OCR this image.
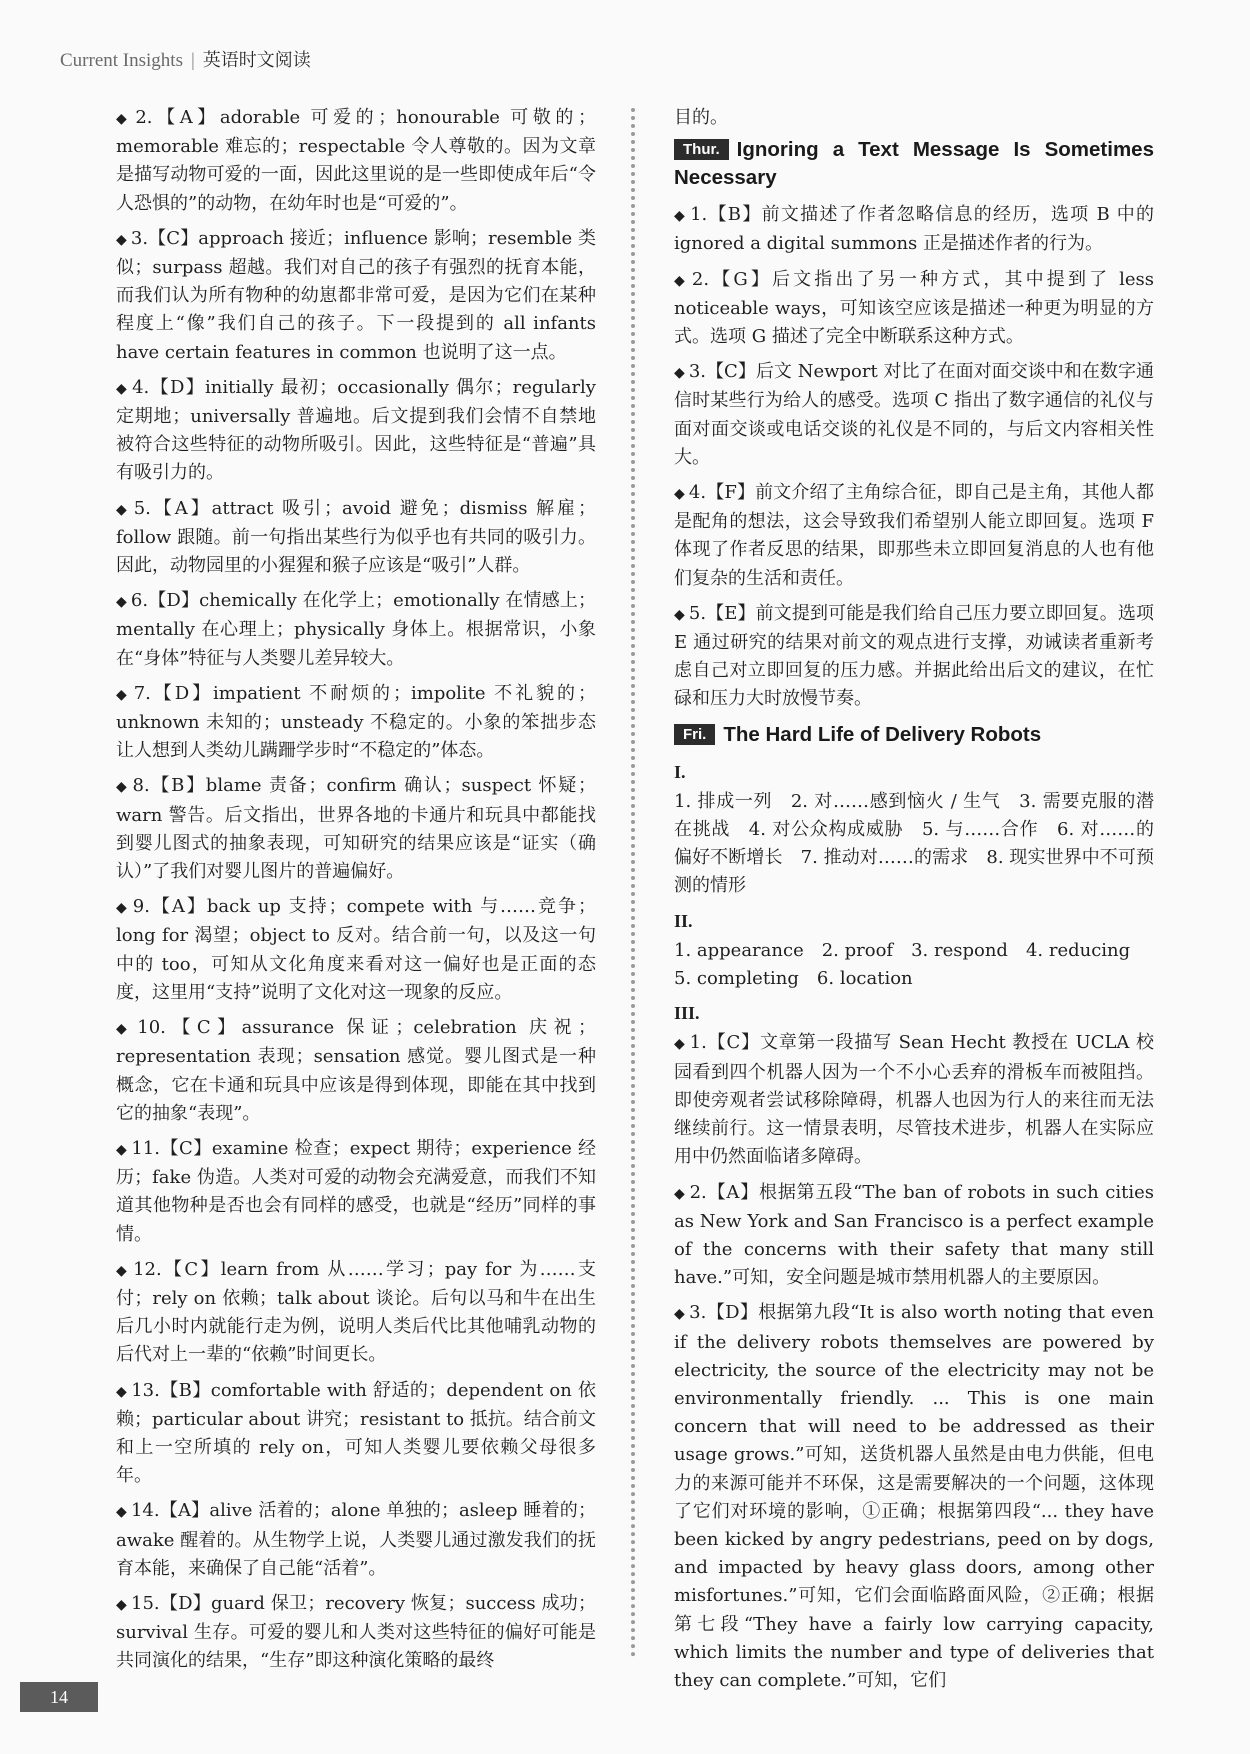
Current Insights | 英语时文阅读

◆ 2.【A】adorable 可爱的；honourable 可敬的；memorable 难忘的；respectable 令人尊敬的。因为文章是描写动物可爱的一面，因此这里说的是一些即使成年后“令人恐惧的”的动物，在幼年时也是“可爱的”。

◆ 3.【C】approach 接近；influence 影响；resemble 类似；surpass 超越。我们对自己的孩子有强烈的抚育本能，而我们认为所有物种的幼崽都非常可爱，是因为它们在某种程度上“像”我们自己的孩子。下一段提到的 all infants have certain features in common 也说明了这一点。

◆ 4.【D】initially 最初；occasionally 偶尔；regularly 定期地；universally 普遍地。后文提到我们会情不自禁地被符合这些特征的动物所吸引。因此，这些特征是“普遍”具有吸引力的。

◆ 5.【A】attract 吸引；avoid 避免；dismiss 解雇；follow 跟随。前一句指出某些行为似乎也有共同的吸引力。因此，动物园里的小猩猩和猴子应该是“吸引”人群。

◆ 6.【D】chemically 在化学上；emotionally 在情感上；mentally 在心理上；physically 身体上。根据常识，小象在“身体”特征与人类婴儿差异较大。

◆ 7.【D】impatient 不耐烦的；impolite 不礼貌的；unknown 未知的；unsteady 不稳定的。小象的笨拙步态让人想到人类幼儿蹒跚学步时“不稳定的”体态。

◆ 8.【B】blame 责备；confirm 确认；suspect 怀疑；warn 警告。后文指出，世界各地的卡通片和玩具中都能找到婴儿图式的抽象表现，可知研究的结果应该是“证实（确认）”了我们对婴儿图片的普遍偏好。

◆ 9.【A】back up 支持；compete with 与……竞争；long for 渴望；object to 反对。结合前一句，以及这一句中的 too，可知从文化角度来看对这一偏好也是正面的态度，这里用“支持”说明了文化对这一现象的反应。

◆ 10.【C】assurance 保证；celebration 庆祝；representation 表现；sensation 感觉。婴儿图式是一种概念，它在卡通和玩具中应该是得到体现，即能在其中找到它的抽象“表现”。

◆ 11.【C】examine 检查；expect 期待；experience 经历；fake 伪造。人类对可爱的动物会充满爱意，而我们不知道其他物种是否也会有同样的感受，也就是“经历”同样的事情。

◆ 12.【C】learn from 从……学习；pay for 为……支付；rely on 依赖；talk about 谈论。后句以马和牛在出生后几小时内就能行走为例，说明人类后代比其他哺乳动物的后代对上一辈的“依赖”时间更长。

◆ 13.【B】comfortable with 舒适的；dependent on 依赖；particular about 讲究；resistant to 抵抗。结合前文和上一空所填的 rely on，可知人类婴儿要依赖父母很多年。

◆ 14.【A】alive 活着的；alone 单独的；asleep 睡着的；awake 醒着的。从生物学上说，人类婴儿通过激发我们的抚育本能，来确保了自己能“活着”。

◆ 15.【D】guard 保卫；recovery 恢复；success 成功；survival 生存。可爱的婴儿和人类对这些特征的偏好可能是共同演化的结果，“生存”即这种演化策略的最终

目的。

Thur. Ignoring a Text Message Is Sometimes Necessary

◆ 1.【B】前文描述了作者忽略信息的经历，选项 B 中的 ignored a digital summons 正是描述作者的行为。

◆ 2.【G】后文指出了另一种方式，其中提到了 less noticeable ways，可知该空应该是描述一种更为明显的方式。选项 G 描述了完全中断联系这种方式。

◆ 3.【C】后文 Newport 对比了在面对面交谈中和在数字通信时某些行为给人的感受。选项 C 指出了数字通信的礼仪与面对面交谈或电话交谈的礼仪是不同的，与后文内容相关性大。

◆ 4.【F】前文介绍了主角综合征，即自己是主角，其他人都是配角的想法，这会导致我们希望别人能立即回复。选项 F 体现了作者反思的结果，即那些未立即回复消息的人也有他们复杂的生活和责任。

◆ 5.【E】前文提到可能是我们给自己压力要立即回复。选项 E 通过研究的结果对前文的观点进行支撑，劝诫读者重新考虑自己对立即回复的压力感。并据此给出后文的建议，在忙碌和压力大时放慢节奏。

Fri. The Hard Life of Delivery Robots
I.

1. 排成一列　2. 对……感到恼火 / 生气　3. 需要克服的潜在挑战　4. 对公众构成威胁　5. 与……合作　6. 对……的偏好不断增长　7. 推动对……的需求　8. 现实世界中不可预测的情形

II.

1. appearance　2. proof　3. respond　4. reducing

5. completing　6. location

III.

◆ 1.【C】文章第一段描写 Sean Hecht 教授在 UCLA 校园看到四个机器人因为一个不小心丢弃的滑板车而被阻挡。即使旁观者尝试移除障碍，机器人也因为行人的来往而无法继续前行。这一情景表明，尽管技术进步，机器人在实际应用中仍然面临诸多障碍。

◆ 2.【A】根据第五段“The ban of robots in such cities as New York and San Francisco is a perfect example of the concerns with their safety that many still have.”可知，安全问题是城市禁用机器人的主要原因。

◆ 3.【D】根据第九段“It is also worth noting that even if the delivery robots themselves are powered by electricity, the source of the electricity may not be environmentally friendly. ... This is one main concern that will need to be addressed as their usage grows.”可知，送货机器人虽然是由电力供能，但电力的来源可能并不环保，这是需要解决的一个问题，这体现了它们对环境的影响，①正确；根据第四段“... they have been kicked by angry pedestrians, peed on by dogs, and impacted by heavy glass doors, among other misfortunes.”可知，它们会面临路面风险，②正确；根据第七段“They have a fairly low carrying capacity, which limits the number and type of deliveries that they can complete.”可知，它们

14
